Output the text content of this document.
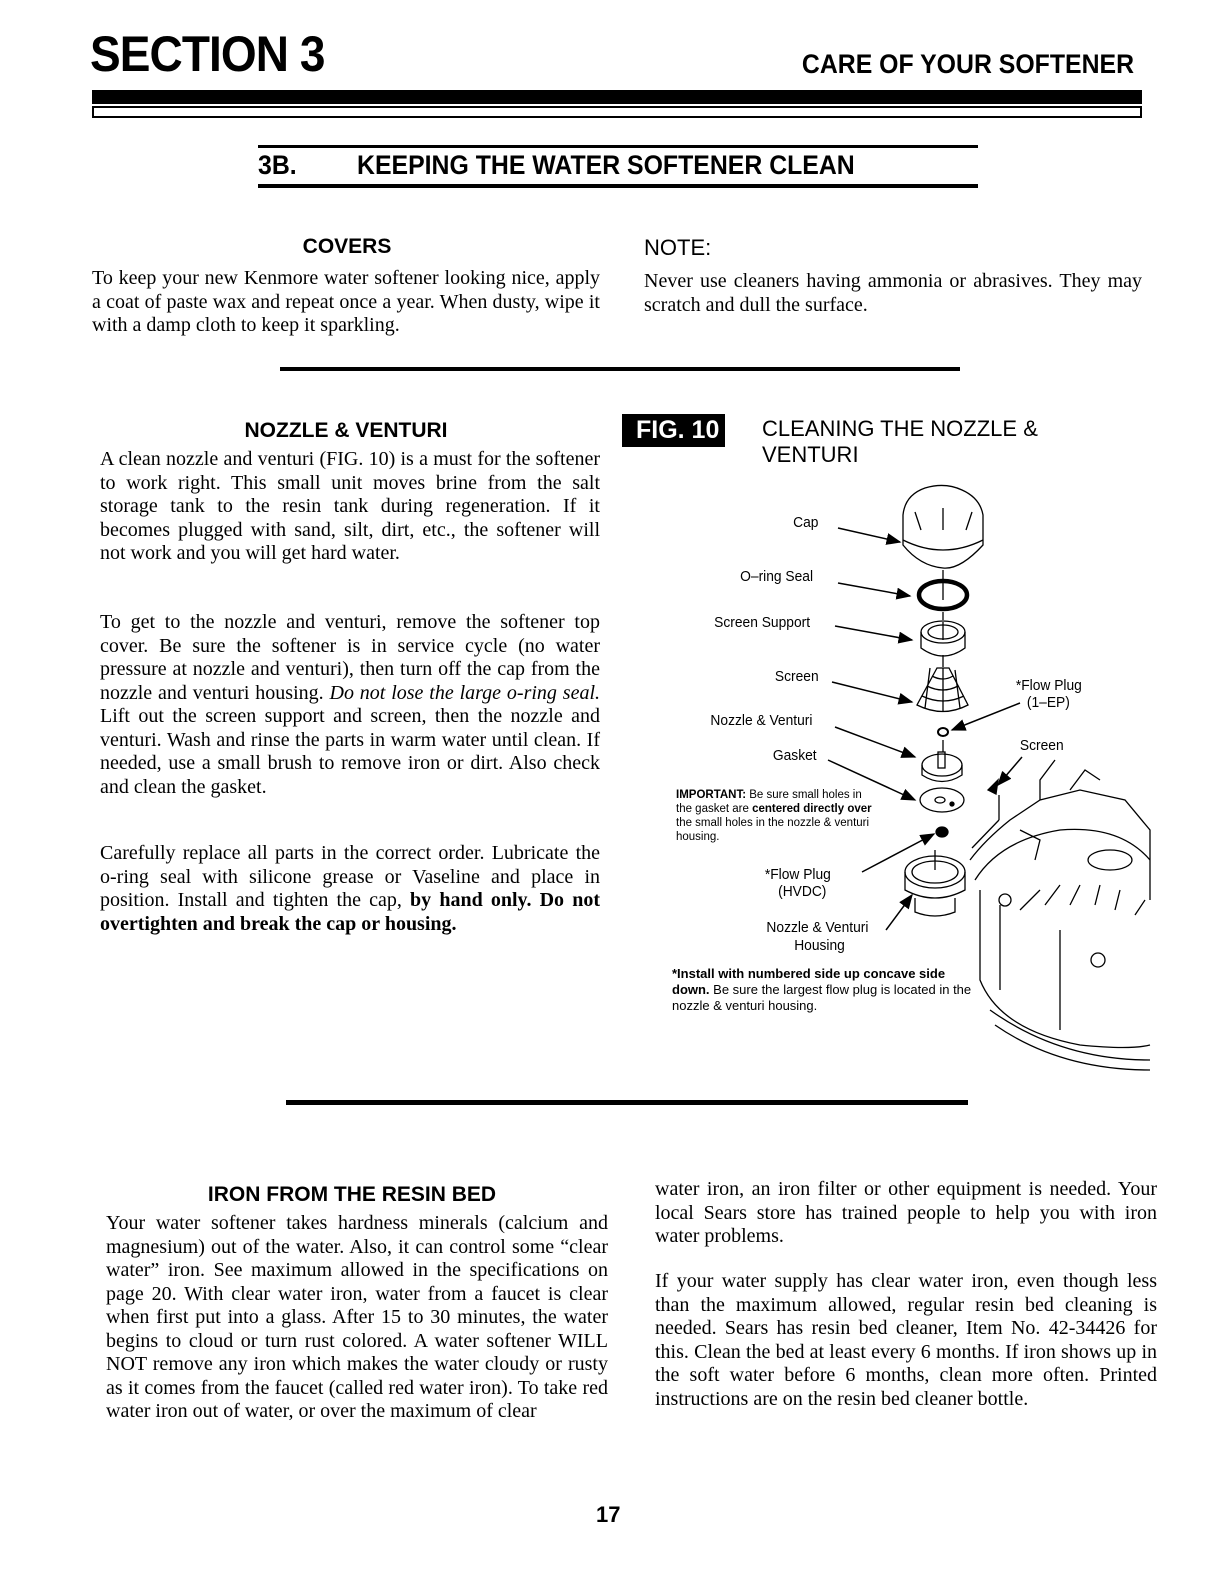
SECTION 3	CARE OF YOUR SOFTENER
3B. KEEPING THE WATER SOFTENER CLEAN
COVERS
To keep your new Kenmore water softener looking nice, apply a coat of paste wax and repeat once a year. When dusty, wipe it with a damp cloth to keep it sparkling.
NOTE:
Never use cleaners having ammonia or abrasives. They may scratch and dull the surface.
NOZZLE & VENTURI
A clean nozzle and venturi (FIG. 10) is a must for the softener to work right. This small unit moves brine from the salt storage tank to the resin tank during regeneration. If it becomes plugged with sand, silt, dirt, etc., the softener will not work and you will get hard water.
To get to the nozzle and venturi, remove the softener top cover. Be sure the softener is in service cycle (no water pressure at nozzle and venturi), then turn off the cap from the nozzle and venturi housing. Do not lose the large o-ring seal. Lift out the screen support and screen, then the nozzle and venturi. Wash and rinse the parts in warm water until clean. If needed, use a small brush to remove iron or dirt. Also check and clean the gasket.
Carefully replace all parts in the correct order. Lubricate the o-ring seal with silicone grease or Vaseline and place in position. Install and tighten the cap, by hand only. Do not overtighten and break the cap or housing.
FIG. 10 CLEANING THE NOZZLE & VENTURI
Cap
O–ring Seal
Screen Support
Screen
Nozzle & Venturi
Gasket
*Flow Plug
(1–EP)
Screen
*Flow Plug
(HVDC)
Nozzle & Venturi
Housing
IMPORTANT: Be sure small holes in the gasket are centered directly over the small holes in the nozzle & venturi housing.
*Install with numbered side up concave side down. Be sure the largest flow plug is located in the nozzle & venturi housing.
IRON FROM THE RESIN BED
Your water softener takes hardness minerals (calcium and magnesium) out of the water. Also, it can control some “clear water” iron. See maximum allowed in the specifications on page 20. With clear water iron, water from a faucet is clear when first put into a glass. After 15 to 30 minutes, the water begins to cloud or turn rust colored. A water softener WILL NOT remove any iron which makes the water cloudy or rusty as it comes from the faucet (called red water iron). To take red water iron out of water, or over the maximum of clear
water iron, an iron filter or other equipment is needed. Your local Sears store has trained people to help you with iron water problems.
If your water supply has clear water iron, even though less than the maximum allowed, regular resin bed cleaning is needed. Sears has resin bed cleaner, Item No. 42-34426 for this. Clean the bed at least every 6 months. If iron shows up in the soft water before 6 months, clean more often. Printed instructions are on the resin bed cleaner bottle.
17
